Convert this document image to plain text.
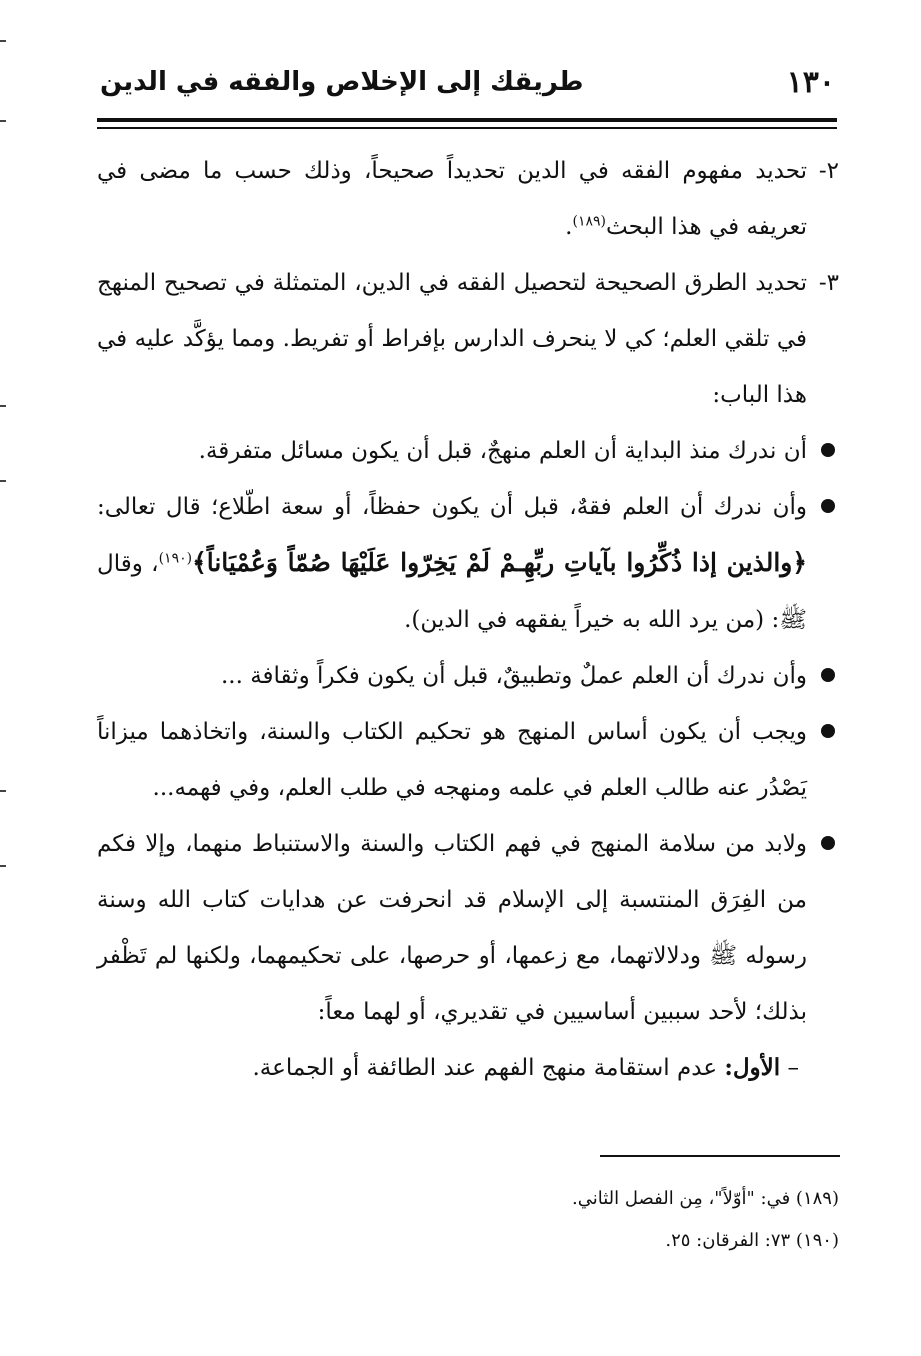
١٣٠
طريقك إلى الإخلاص والفقه في الدين

٢-
تحديد مفهوم الفقه في الدين تحديداً صحيحاً، وذلك حسب ما مضى في تعريفه في هذا البحث$^{(١٨٩)}$.

٣-
تحديد الطرق الصحيحة لتحصيل الفقه في الدين، المتمثلة في تصحيح المنهج في تلقي العلم؛ كي لا ينحرف الدارس بإفراط أو تفريط. ومما يؤكَّد عليه في هذا الباب:

أن ندرك منذ البداية أن العلم منهجٌ، قبل أن يكون مسائل متفرقة.

وأن ندرك أن العلم فقهٌ، قبل أن يكون حفظاً، أو سعة اطّلاع؛ قال تعالى: ﴿والذين إذا ذُكِّرُوا بآياتِ ربِّهِـمْ لَمْ يَخِرّوا عَلَيْهَا صُمّاً وَعُمْيَاناً﴾$^{(١٩٠)}$، وقال ﷺ: (من يرد الله به خيراً يفقهه في الدين).

وأن ندرك أن العلم عملٌ وتطبيقٌ، قبل أن يكون فكراً وثقافة ...

ويجب أن يكون أساس المنهج هو تحكيم الكتاب والسنة، واتخاذهما ميزاناً يَصْدُر عنه طالب العلم في علمه ومنهجه في طلب العلم، وفي فهمه...

ولابد من سلامة المنهج في فهم الكتاب والسنة والاستنباط منهما، وإلا فكم من الفِرَق المنتسبة إلى الإسلام قد انحرفت عن هدايات كتاب الله وسنة رسوله ﷺ ودلالاتهما، مع زعمها، أو حرصها، على تحكيمهما، ولكنها لم تَظْفر بذلك؛ لأحد سببين أساسيين في تقديري، أو لهما معاً:

– الأول: عدم استقامة منهج الفهم عند الطائفة أو الجماعة.

(١٨٩) في: "أوّلاً"، مِن الفصل الثاني.

(١٩٠) ٧٣: الفرقان: ٢٥.
